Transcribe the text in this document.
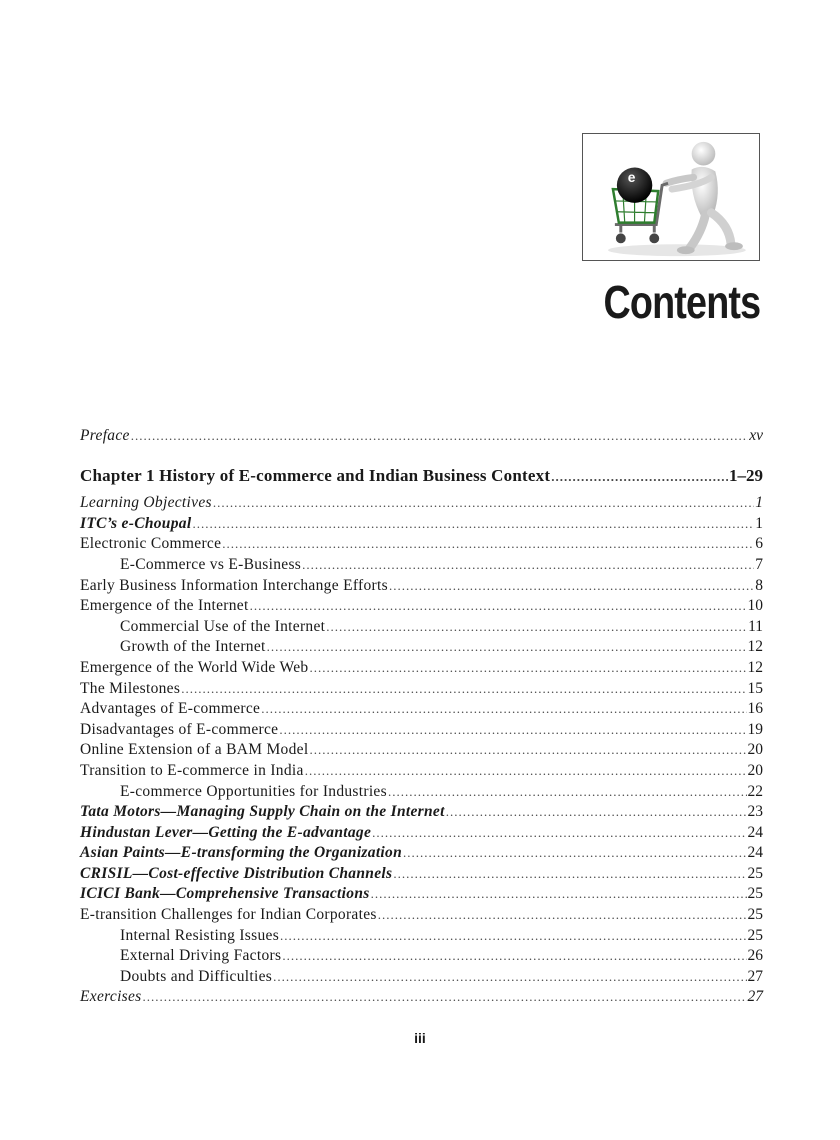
e
Contents
Preface .....	xv
Chapter 1 History of E-commerce and Indian Business Context .....	1–29
Learning Objectives .....	1
ITC’s e-Choupal .....	1
Electronic Commerce .....	6
E-Commerce vs E-Business .....	7
Early Business Information Interchange Efforts .....	8
Emergence of the Internet .....	10
Commercial Use of the Internet .....	11
Growth of the Internet .....	12
Emergence of the World Wide Web .....	12
The Milestones .....	15
Advantages of E-commerce .....	16
Disadvantages of E-commerce .....	19
Online Extension of a BAM Model .....	20
Transition to E-commerce in India .....	20
E-commerce Opportunities for Industries .....	22
Tata Motors—Managing Supply Chain on the Internet .....	23
Hindustan Lever—Getting the E-advantage .....	24
Asian Paints—E-transforming the Organization .....	24
CRISIL—Cost-effective Distribution Channels .....	25
ICICI Bank—Comprehensive Transactions .....	25
E-transition Challenges for Indian Corporates .....	25
Internal Resisting Issues .....	25
External Driving Factors .....	26
Doubts and Difficulties .....	27
Exercises .....	27
iii
